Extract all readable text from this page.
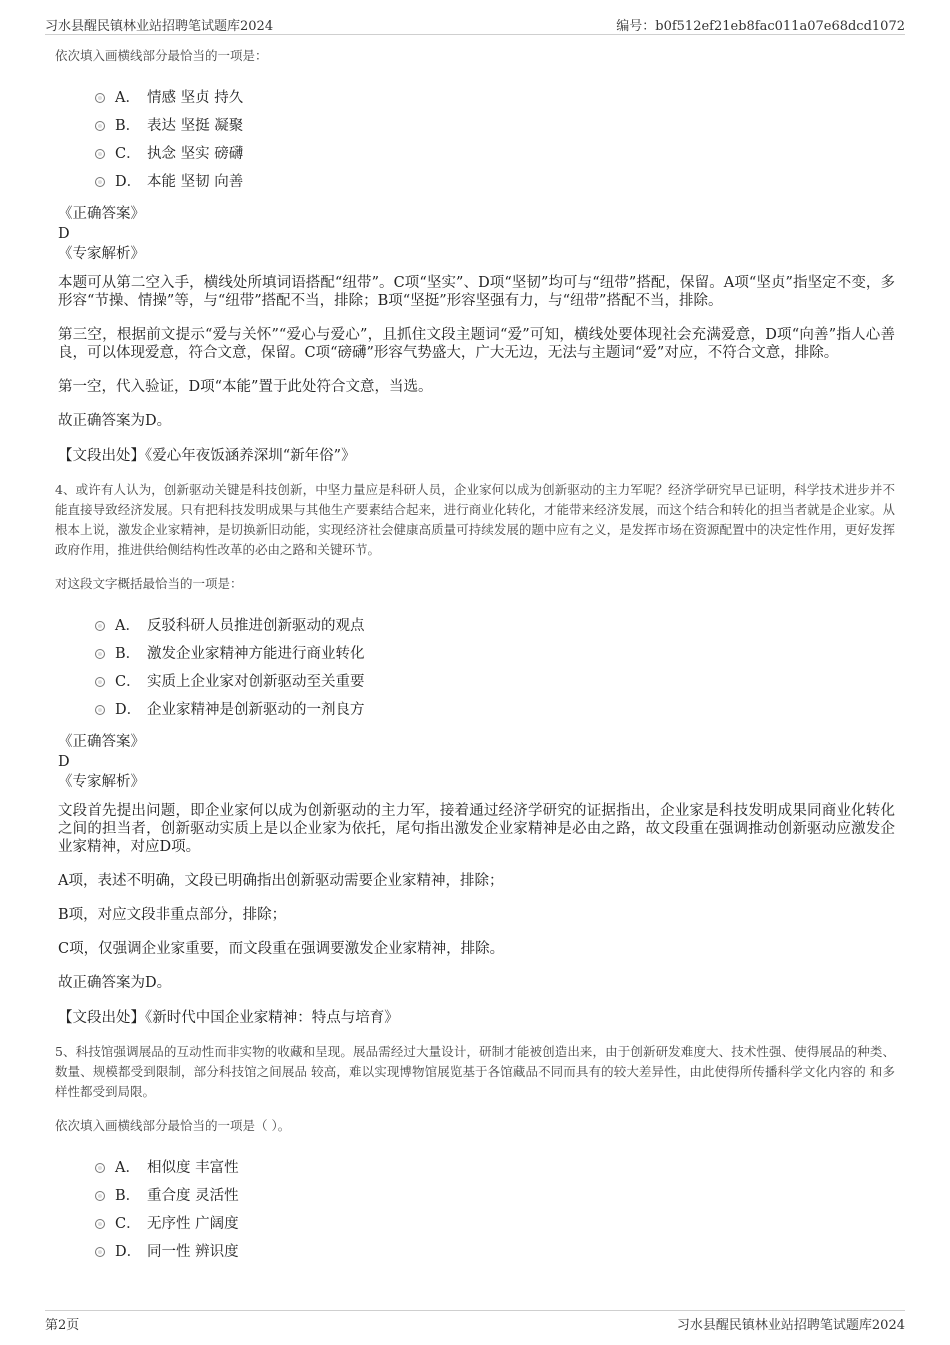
习水县醒民镇林业站招聘笔试题库2024	编号：b0f512ef21eb8fac011a07e68dcd1072
依次填入画横线部分最恰当的一项是：
A． 情感 坚贞 持久
B． 表达 坚挺 凝聚
C． 执念 坚实 磅礴
D． 本能 坚韧 向善
《正确答案》
D
《专家解析》

本题可从第二空入手，横线处所填词语搭配“纽带”。C项“坚实”、D项“坚韧”均可与“纽带”搭配，保留。A项“坚贞”指坚定不变，多形容“节操、情操”等，与“纽带”搭配不当，排除；B项“坚挺”形容坚强有力，与“纽带”搭配不当，排除。

第三空，根据前文提示“爱与关怀”“爱心与爱心”，且抓住文段主题词“爱”可知，横线处要体现社会充满爱意，D项“向善”指人心善良，可以体现爱意，符合文意，保留。C项“磅礴”形容气势盛大，广大无边，无法与主题词“爱”对应，不符合文意，排除。

第一空，代入验证，D项“本能”置于此处符合文意，当选。

故正确答案为D。

【文段出处】《爱心年夜饭涵养深圳“新年俗”》
4、或许有人认为，创新驱动关键是科技创新，中坚力量应是科研人员，企业家何以成为创新驱动的主力军呢？经济学研究早已证明，科学技术进步并不能直接导致经济发展。只有把科技发明成果与其他生产要素结合起来，进行商业化转化，才能带来经济发展，而这个结合和转化的担当者就是企业家。从根本上说，激发企业家精神，是切换新旧动能，实现经济社会健康高质量可持续发展的题中应有之义，是发挥市场在资源配置中的决定性作用，更好发挥政府作用，推进供给侧结构性改革的必由之路和关键环节。
对这段文字概括最恰当的一项是：
A． 反驳科研人员推进创新驱动的观点
B． 激发企业家精神方能进行商业转化
C． 实质上企业家对创新驱动至关重要
D． 企业家精神是创新驱动的一剂良方
《正确答案》
D
《专家解析》

文段首先提出问题，即企业家何以成为创新驱动的主力军，接着通过经济学研究的证据指出，企业家是科技发明成果同商业化转化之间的担当者，创新驱动实质上是以企业家为依托，尾句指出激发企业家精神是必由之路，故文段重在强调推动创新驱动应激发企业家精神，对应D项。

A项，表述不明确，文段已明确指出创新驱动需要企业家精神，排除；

B项，对应文段非重点部分，排除；

C项，仅强调企业家重要，而文段重在强调要激发企业家精神，排除。

故正确答案为D。

【文段出处】《新时代中国企业家精神：特点与培育》
5、科技馆强调展品的互动性而非实物的收藏和呈现。展品需经过大量设计，研制才能被创造出来，由于创新研发难度大、技术性强、使得展品的种类、数量、规模都受到限制，部分科技馆之间展品 较高，难以实现博物馆展览基于各馆藏品不同而具有的较大差异性，由此使得所传播科学文化内容的 和多样性都受到局限。
依次填入画横线部分最恰当的一项是（ ）。
A． 相似度 丰富性
B． 重合度 灵活性
C． 无序性 广阔度
D． 同一性 辨识度
第2页	习水县醒民镇林业站招聘笔试题库2024
